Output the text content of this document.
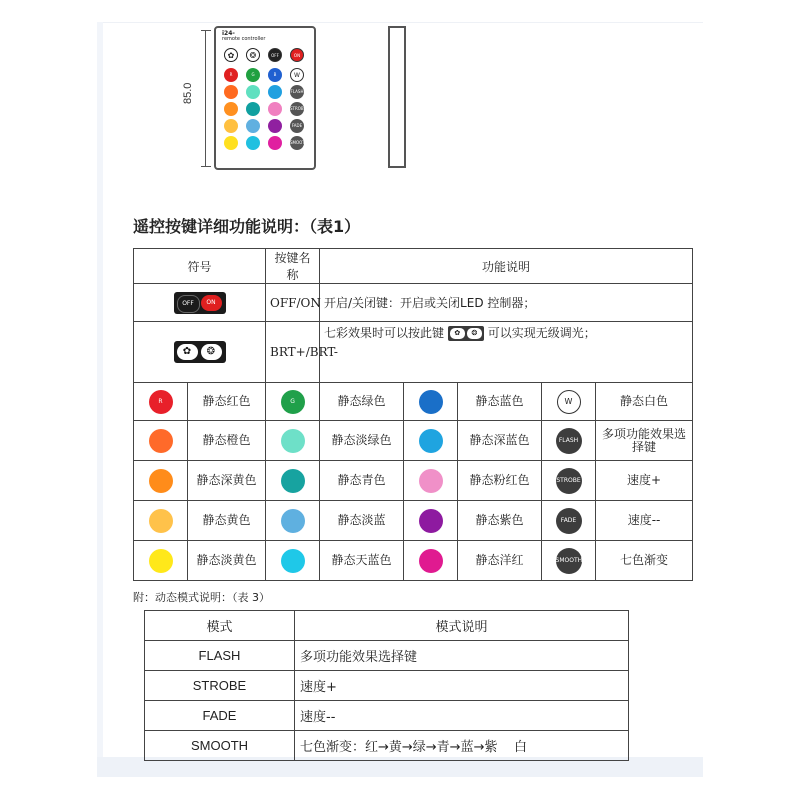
85.0
i24-
remote controller
✿	❂	OFF	ON
R	G	B	W
FLASH
STROBE
FADE
SMOOTH
遥控按键详细功能说明：（表1）
符号		按键名称	功能说明				

OFF ON		OFF/ON	开启/关闭键：开启或关闭LED 控制器；				

✿ ❂		BRT+/BRT-	七彩效果时可以按此键 ✿ ❂ 可以实现无级调光；				
R	静态红色	G	静态绿色		静态蓝色	W	静态白色
	静态橙色		静态淡绿色		静态深蓝色	FLASH	多项功能效果选择键
	静态深黄色		静态青色		静态粉红色	STROBE	速度+
	静态黄色		静态淡蓝		静态紫色	FADE	速度--
	静态淡黄色		静态天蓝色		静态洋红	SMOOTH	七色渐变
附：动态模式说明：（表 3）
模式	模式说明
FLASH	多项功能效果选择键
STROBE	速度+
FADE	速度--
SMOOTH	七色渐变：红→黄→绿→青→蓝→紫    白
